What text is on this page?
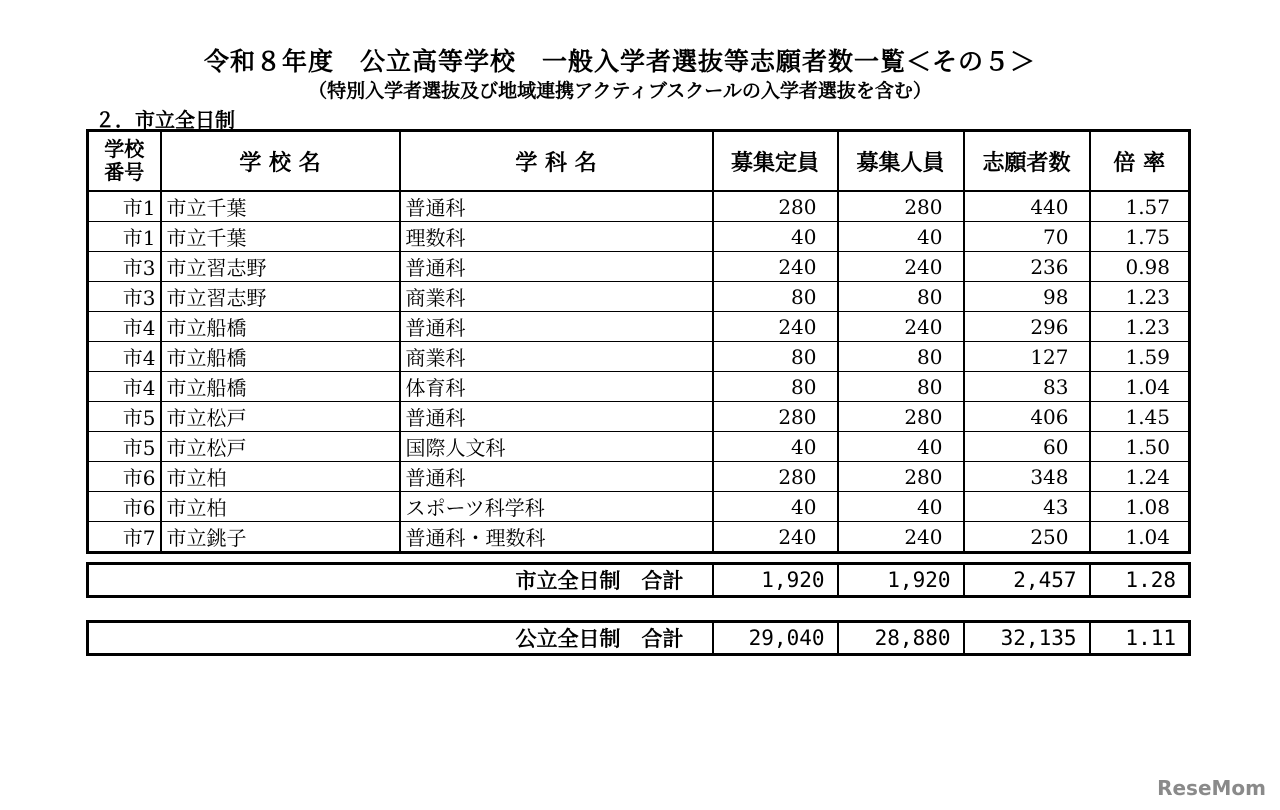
令和８年度　公立高等学校　一般入学者選抜等志願者数一覧＜その５＞
（特別入学者選抜及び地域連携アクティブスクールの入学者選抜を含む）
２．市立全日制
学校
番号	学 校 名	学 科 名	募集定員	募集人員	志願者数	倍 率
市1	市立千葉	普通科	280	280	440	1.57
市1	市立千葉	理数科	40	40	70	1.75
市3	市立習志野	普通科	240	240	236	0.98
市3	市立習志野	商業科	80	80	98	1.23
市4	市立船橋	普通科	240	240	296	1.23
市4	市立船橋	商業科	80	80	127	1.59
市4	市立船橋	体育科	80	80	83	1.04
市5	市立松戸	普通科	280	280	406	1.45
市5	市立松戸	国際人文科	40	40	60	1.50
市6	市立柏	普通科	280	280	348	1.24
市6	市立柏	スポーツ科学科	40	40	43	1.08
市7	市立銚子	普通科・理数科	240	240	250	1.04
市立全日制　合計	1,920	1,920	2,457	1.28
公立全日制　合計	29,040	28,880	32,135	1.11
ReseMom
